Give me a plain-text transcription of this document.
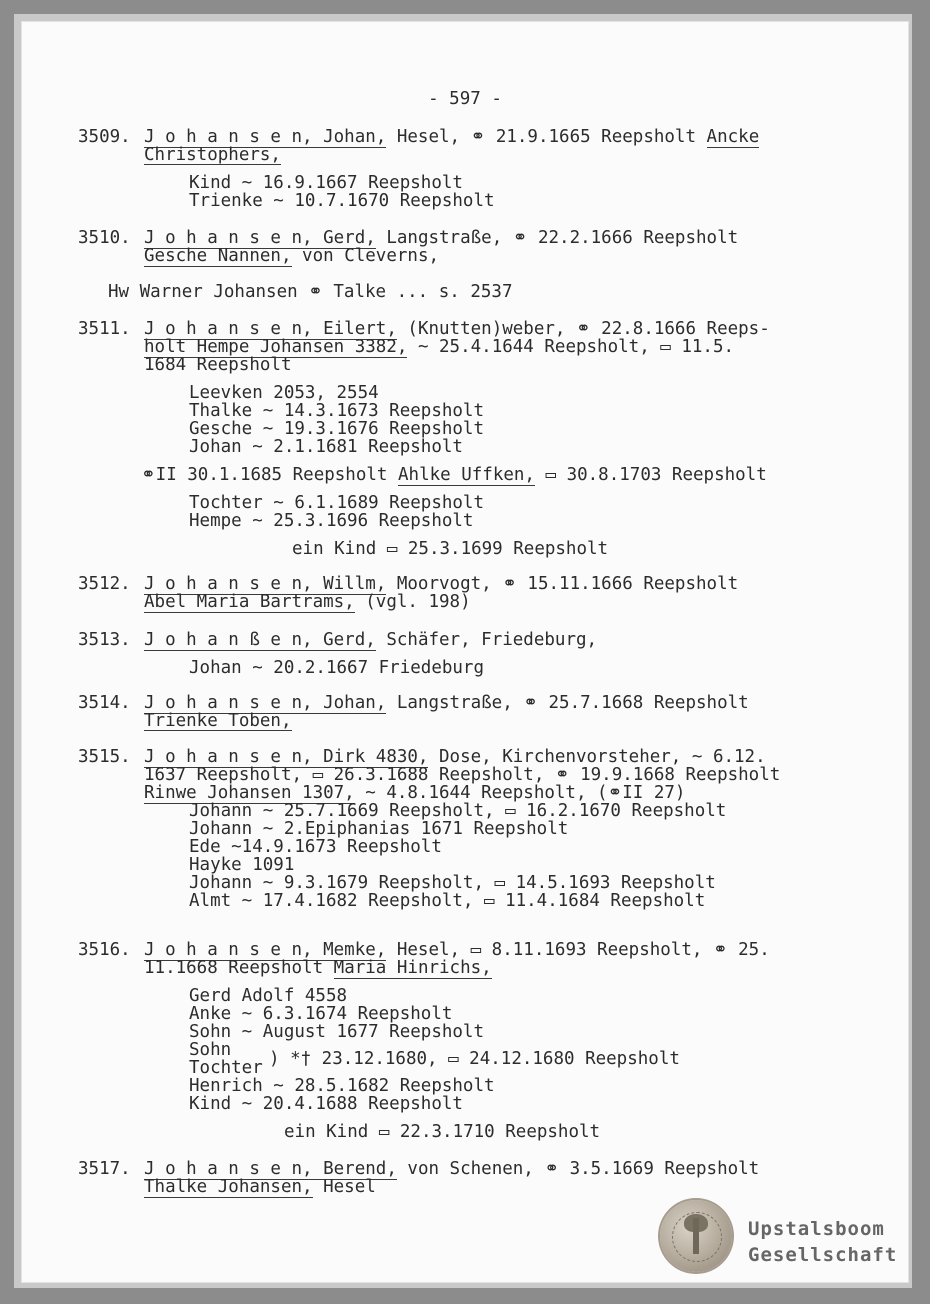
- 597 -
3509. J o h a n s e n, Johan, Hesel, ⚭ 21.9.1665 Reepsholt Ancke
Christophers,
Kind ~ 16.9.1667 Reepsholt
Trienke ~ 10.7.1670 Reepsholt
3510. J o h a n s e n, Gerd, Langstraße, ⚭ 22.2.1666 Reepsholt
Gesche Nannen, von Cleverns,
Hw Warner Johansen ⚭ Talke ... s. 2537
3511. J o h a n s e n, Eilert, (Knutten)weber, ⚭ 22.8.1666 Reeps-
holt Hempe Johansen 3382, ~ 25.4.1644 Reepsholt, ▭ 11.5.
1684 Reepsholt
Leevken 2053, 2554
Thalke ~ 14.3.1673 Reepsholt
Gesche ~ 19.3.1676 Reepsholt
Johan ~ 2.1.1681 Reepsholt
⚭II 30.1.1685 Reepsholt Ahlke Uffken, ▭ 30.8.1703 Reepsholt
Tochter ~ 6.1.1689 Reepsholt
Hempe ~ 25.3.1696 Reepsholt
ein Kind ▭ 25.3.1699 Reepsholt
3512. J o h a n s e n, Willm, Moorvogt, ⚭ 15.11.1666 Reepsholt
Abel Maria Bartrams, (vgl. 198)
3513. J o h a n ß e n, Gerd, Schäfer, Friedeburg,
Johan ~ 20.2.1667 Friedeburg
3514. J o h a n s e n, Johan, Langstraße, ⚭ 25.7.1668 Reepsholt
Trienke Toben,
3515. J o h a n s e n, Dirk 4830, Dose, Kirchenvorsteher, ~ 6.12.
1637 Reepsholt, ▭ 26.3.1688 Reepsholt, ⚭ 19.9.1668 Reepsholt
Rinwe Johansen 1307, ~ 4.8.1644 Reepsholt, (⚭II 27)
Johann ~ 25.7.1669 Reepsholt, ▭ 16.2.1670 Reepsholt
Johann ~ 2.Epiphanias 1671 Reepsholt
Ede ~14.9.1673 Reepsholt
Hayke 1091
Johann ~ 9.3.1679 Reepsholt, ▭ 14.5.1693 Reepsholt
Almt ~ 17.4.1682 Reepsholt, ▭ 11.4.1684 Reepsholt
3516. J o h a n s e n, Memke, Hesel, ▭ 8.11.1693 Reepsholt, ⚭ 25.
11.1668 Reepsholt Maria Hinrichs,
Gerd Adolf 4558
Anke ~ 6.3.1674 Reepsholt
Sohn ~ August 1677 Reepsholt
Sohn
Tochter ) *† 23.12.1680, ▭ 24.12.1680 Reepsholt
Henrich ~ 28.5.1682 Reepsholt
Kind ~ 20.4.1688 Reepsholt
ein Kind ▭ 22.3.1710 Reepsholt
3517. J o h a n s e n, Berend, von Schenen, ⚭ 3.5.1669 Reepsholt
Thalke Johansen, Hesel
Upstalsboom
Gesellschaft
